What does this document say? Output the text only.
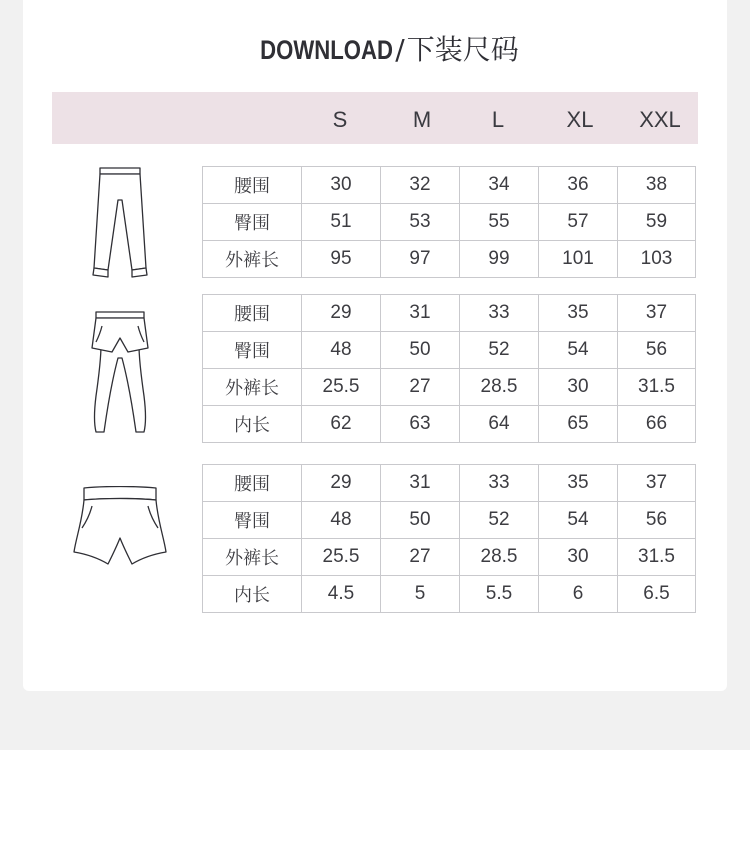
DOWNLOAD/下装尺码
S	M	L	XL	XXL
腰围	30	32	34	36	38
臀围	51	53	55	57	59
外裤长	95	97	99	101	103
腰围	29	31	33	35	37
臀围	48	50	52	54	56
外裤长	25.5	27	28.5	30	31.5
内长	62	63	64	65	66
腰围	29	31	33	35	37
臀围	48	50	52	54	56
外裤长	25.5	27	28.5	30	31.5
内长	4.5	5	5.5	6	6.5
